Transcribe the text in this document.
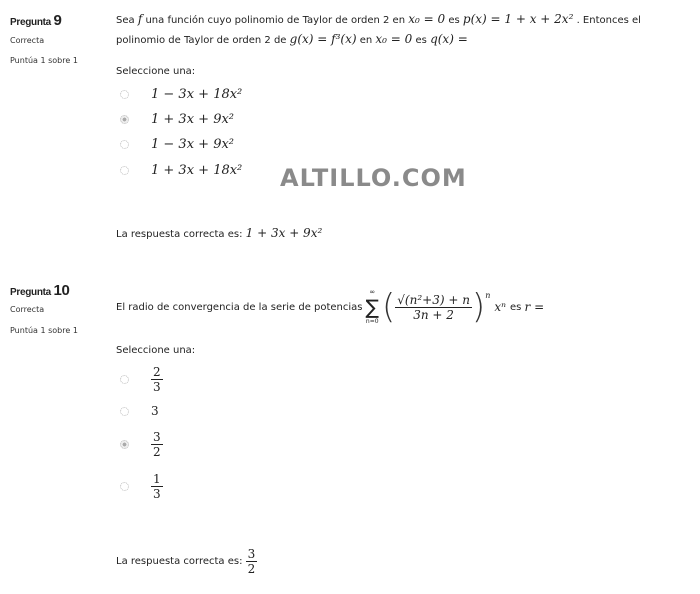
Pregunta 9
Correcta
Puntúa 1 sobre 1
Sea f una función cuyo polinomio de Taylor de orden 2 en x₀ = 0 es p(x) = 1 + x + 2x² . Entonces el
polinomio de Taylor de orden 2 de g(x) = f³(x) en x₀ = 0 es q(x) =
Seleccione una:
1 − 3x + 18x²
1 + 3x + 9x²
1 − 3x + 9x²
1 + 3x + 18x² ALTILLO.COM
La respuesta correcta es: 1 + 3x + 9x²
Pregunta 10
Correcta
Puntúa 1 sobre 1
El radio de convergencia de la serie de potencias
∞
∑
n=0 ( $\frac{\text{√(n²+3) + n}}{3n + 2} )^n$
xⁿ es
r =
Seleccione una:
$\frac{2}{3}$
3
$\frac{3}{2}$
$\frac{1}{3}$
La respuesta correcta es:
$\frac{3}{2}$
